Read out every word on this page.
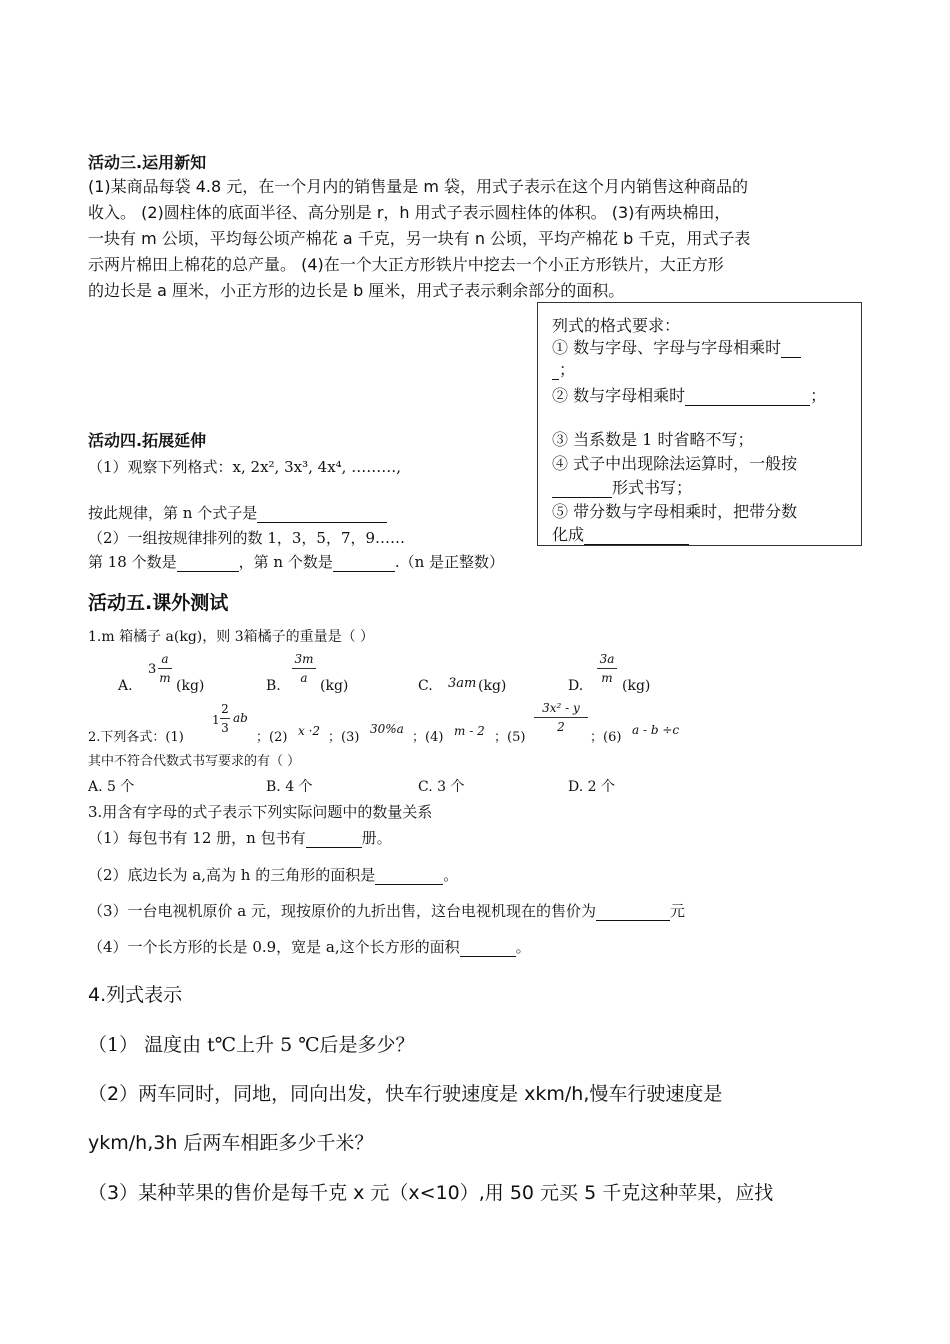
活动三.运用新知
(1)某商品每袋 4.8 元，在一个月内的销售量是 m 袋，用式子表示在这个月内销售这种商品的
收入。 (2)圆柱体的底面半径、高分别是 r，h 用式子表示圆柱体的体积。 (3)有两块棉田，
一块有 m 公顷，平均每公顷产棉花 a 千克，另一块有 n 公顷，平均产棉花 b 千克，用式子表
示两片棉田上棉花的总产量。 (4)在一个大正方形铁片中挖去一个小正方形铁片，大正方形
的边长是 a 厘米，小正方形的边长是 b 厘米，用式子表示剩余部分的面积。
列式的格式要求：
① 数与字母、字母与字母相乘时
；
② 数与字母相乘时	；
③ 当系数是 1 时省略不写；
④ 式子中出现除法运算时，一般按
形式书写；
⑤ 带分数与字母相乘时，把带分数
化成
活动四.拓展延伸
（1）观察下列格式：x, 2x², 3x³, 4x⁴, ………,
按此规律，第 n 个式子是
（2）一组按规律排列的数 1，3，5，7，9……
第 18 个数是	，第 n 个数是	.（n 是正整数）
活动五.课外测试
1.m 箱橘子 a(kg)，则 3箱橘子的重量是（ ）
A.
3
a
m (kg)	B.
3m
a (kg)	C. 3am (kg)	D.
3a
m (kg)
2.下列各式：(1)
1
2
3
ab
；(2) x ·2 ；(3)
30%a
；(4) m - 2 ；(5)
3x² - y
2
；(6) a - b ÷c
其中不符合代数式书写要求的有（ ）
A. 5 个	B. 4 个	C. 3 个	D. 2 个
3.用含有字母的式子表示下列实际问题中的数量关系
（1）每包书有 12 册，n 包书有	册。
（2）底边长为 a,高为 h 的三角形的面积是	。
（3）一台电视机原价 a 元，现按原价的九折出售，这台电视机现在的售价为	元
（4）一个长方形的长是 0.9，宽是 a,这个长方形的面积	。
4.列式表示
（1） 温度由 t℃上升 5 ℃后是多少？
（2）两车同时，同地，同向出发，快车行驶速度是 xkm/h,慢车行驶速度是
ykm/h,3h 后两车相距多少千米？
（3）某种苹果的售价是每千克 x 元（x<10）,用 50 元买 5 千克这种苹果，应找
